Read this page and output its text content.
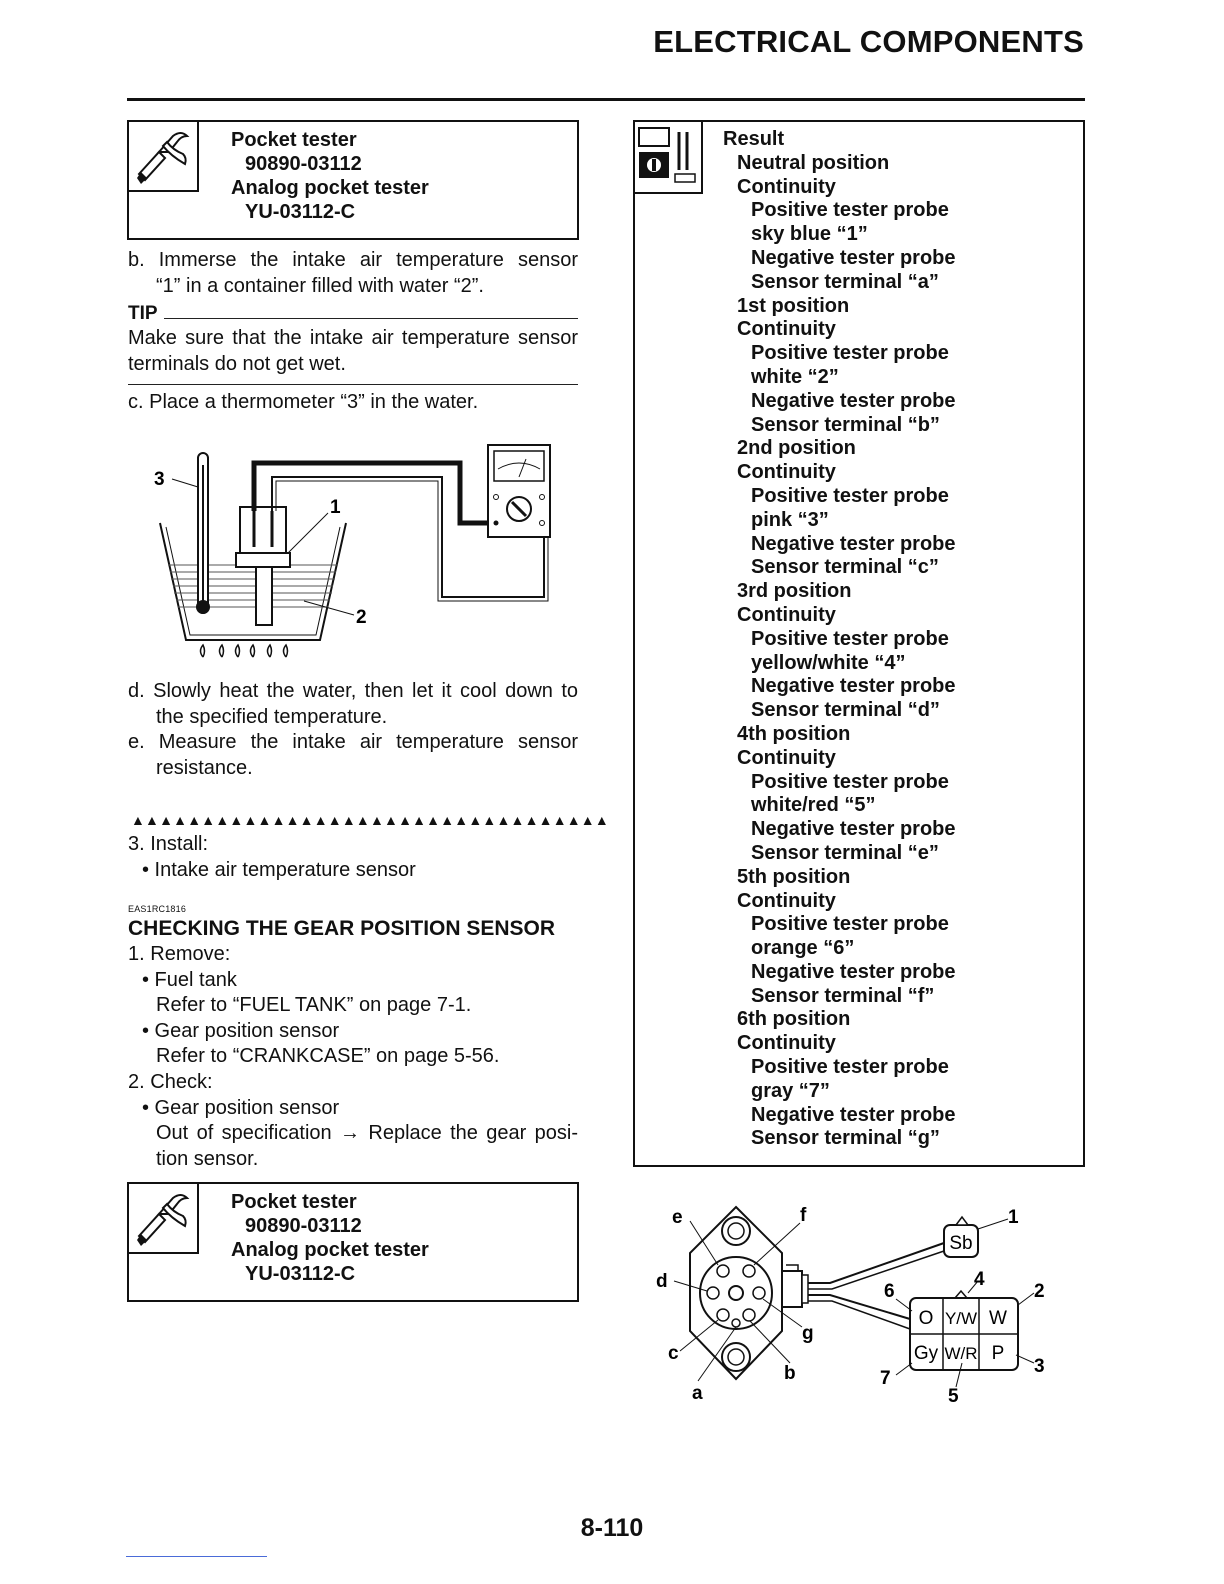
ELECTRICAL COMPONENTS
Pocket tester
90890-03112
Analog pocket tester
YU-03112-C
b. Immerse the intake air temperature sensor
“1” in a container filled with water “2”.
TIP
Make sure that the intake air temperature sensor
terminals do not get wet.
c. Place a thermometer “3” in the water.
3
1
2
d. Slowly heat the water, then let it cool down to
the specified temperature.
e. Measure the intake air temperature sensor
resistance.
▲▲▲▲▲▲▲▲▲▲▲▲▲▲▲▲▲▲▲▲▲▲▲▲▲▲▲▲▲▲▲▲▲▲
3. Install:
• Intake air temperature sensor
EAS1RC1816
CHECKING THE GEAR POSITION SENSOR
1. Remove:
• Fuel tank
Refer to “FUEL TANK” on page 7-1.
• Gear position sensor
Refer to “CRANKCASE” on page 5-56.
2. Check:
• Gear position sensor
Out of specification → Replace the gear posi-
tion sensor.
Pocket tester
90890-03112
Analog pocket tester
YU-03112-C
Result
Neutral position
Continuity
Positive tester probe
sky blue “1”
Negative tester probe
Sensor terminal “a”
1st position
Continuity
Positive tester probe
white “2”
Negative tester probe
Sensor terminal “b”
2nd position
Continuity
Positive tester probe
pink “3”
Negative tester probe
Sensor terminal “c”
3rd position
Continuity
Positive tester probe
yellow/white “4”
Negative tester probe
Sensor terminal “d”
4th position
Continuity
Positive tester probe
white/red “5”
Negative tester probe
Sensor terminal “e”
5th position
Continuity
Positive tester probe
orange “6”
Negative tester probe
Sensor terminal “f”
6th position
Continuity
Positive tester probe
gray “7”
Negative tester probe
Sensor terminal “g”
Sb
O Y/W W
Gy W/R P
e	f
d
g
c
b
a
1
2
3
4
5
6
7
8-110
